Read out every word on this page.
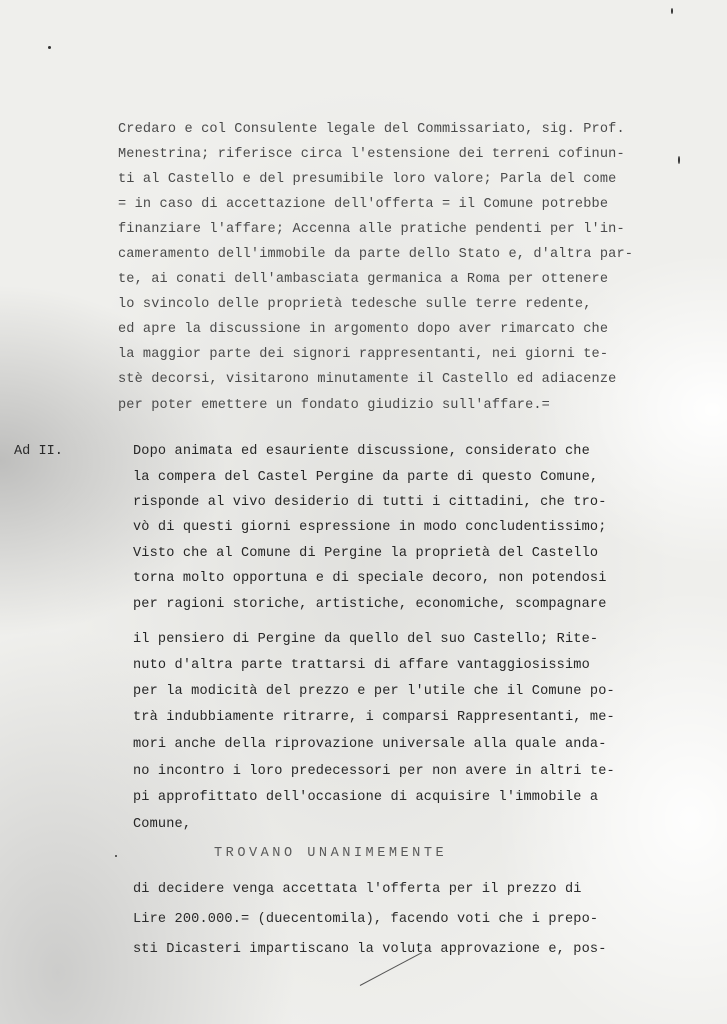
Credaro e col Consulente legale del Commissariato, sig. Prof.
Menestrina; riferisce circa l'estensione dei terreni cofinun-
ti al Castello e del presumibile loro valore; Parla del come
= in caso di accettazione dell'offerta = il Comune potrebbe
finanziare l'affare; Accenna alle pratiche pendenti per l'in-
cameramento dell'immobile da parte dello Stato e, d'altra par-
te, ai conati dell'ambasciata germanica a Roma per ottenere
lo svincolo delle proprietà tedesche sulle terre redente,
ed apre la discussione in argomento dopo aver rimarcato che
la maggior parte dei signori rappresentanti, nei giorni te-
stè decorsi, visitarono minutamente il Castello ed adiacenze
per poter emettere un fondato giudizio sull'affare.=
Ad II.	Dopo animata ed esauriente discussione, considerato che
la compera del Castel Pergine da parte di questo Comune,
risponde al vivo desiderio di tutti i cittadini, che tro-
vò di questi giorni espressione in modo concludentissimo;
Visto che al Comune di Pergine la proprietà del Castello
torna molto opportuna e di speciale decoro, non potendosi
per ragioni storiche, artistiche, economiche, scompagnare
il pensiero di Pergine da quello del suo Castello; Rite-
nuto d'altra parte trattarsi di affare vantaggiosissimo
per la modicità del prezzo e per l'utile che il Comune po-
trà indubbiamente ritrarre, i comparsi Rappresentanti, me-
mori anche della riprovazione universale alla quale anda-
no incontro i loro predecessori per non avere in altri te-
pi approfittato dell'occasione di acquisire l'immobile a
Comune,
TROVANO UNANIMEMENTE
di decidere venga accettata l'offerta per il prezzo di
Lire 200.000.= (duecentomila), facendo voti che i prepo-
sti Dicasteri impartiscano la voluta approvazione e, pos-
